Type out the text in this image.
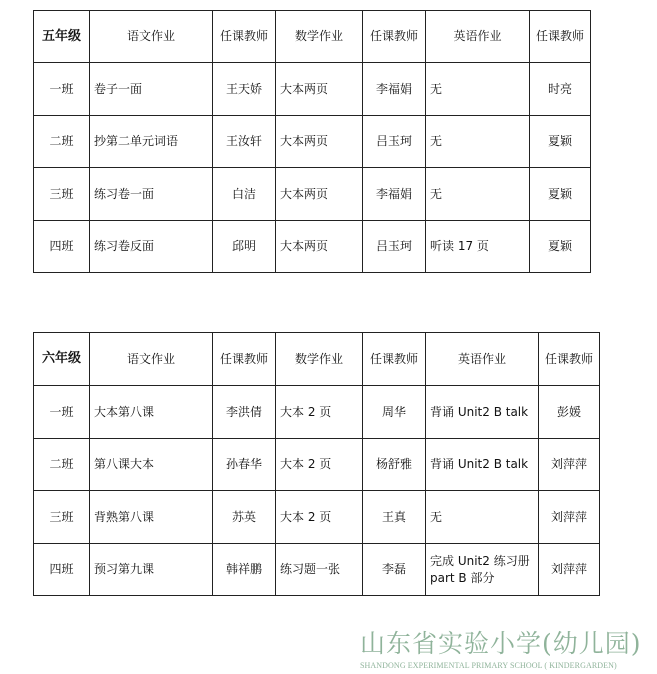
五年级	语文作业	任课教师	数学作业	任课教师	英语作业	任课教师
一班	卷子一面	王天娇	大本两页	李福娟	无	时亮
二班	抄第二单元词语	王汝轩	大本两页	吕玉珂	无	夏颖
三班	练习卷一面	白洁	大本两页	李福娟	无	夏颖
四班	练习卷反面	邱明	大本两页	吕玉珂	听读 17 页	夏颖
六年级	语文作业	任课教师	数学作业	任课教师	英语作业	任课教师
一班	大本第八课	李洪倩	大本 2 页	周华	背诵 Unit2 B talk	彭媛
二班	第八课大本	孙春华	大本 2 页	杨舒雅	背诵 Unit2 B talk	刘萍萍
三班	背熟第八课	苏英	大本 2 页	王真	无	刘萍萍
四班	预习第九课	韩祥鹏	练习题一张	李磊	完成 Unit2 练习册 part B 部分	刘萍萍
山东省实验小学(幼儿园)
SHANDONG EXPERIMENTAL PRIMARY SCHOOL ( KINDERGARDEN)
